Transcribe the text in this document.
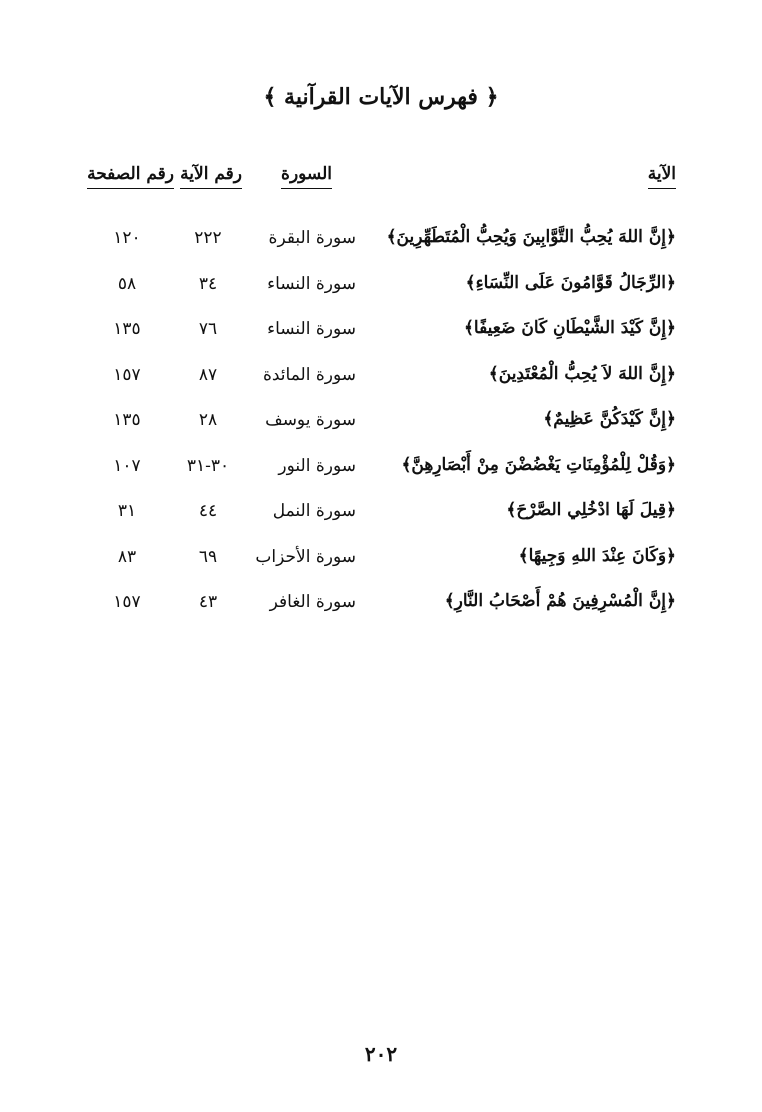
﴿ فهرس الآيات القرآنية ﴾
الآية
السورة
رقم الآية
رقم الصفحة
﴿إِنَّ اللهَ يُحِبُّ التَّوَّابِينَ وَيُحِبُّ الْمُتَطَهِّرِينَ﴾
سورة البقرة
٢٢٢
١٢٠
﴿الرِّجَالُ قَوَّامُونَ عَلَى النِّسَاءِ﴾
سورة النساء
٣٤
٥٨
﴿إِنَّ كَيْدَ الشَّيْطَانِ كَانَ ضَعِيفًا﴾
سورة النساء
٧٦
١٣٥
﴿إِنَّ اللهَ لاَ يُحِبُّ الْمُعْتَدِينَ﴾
سورة المائدة
٨٧
١٥٧
﴿إِنَّ كَيْدَكُنَّ عَظِيمٌ﴾
سورة يوسف
٢٨
١٣٥
﴿وَقُلْ لِلْمُؤْمِنَاتِ يَغْضُضْنَ مِنْ أَبْصَارِهِنَّ﴾
سورة النور
٣٠-٣١
١٠٧
﴿قِيلَ لَهَا ادْخُلِي الصَّرْحَ﴾
سورة النمل
٤٤
٣١
﴿وَكَانَ عِنْدَ اللهِ وَجِيهًا﴾
سورة الأحزاب
٦٩
٨٣
﴿إِنَّ الْمُسْرِفِينَ هُمْ أَصْحَابُ النَّارِ﴾
سورة الغافر
٤٣
١٥٧
٢٠٢
